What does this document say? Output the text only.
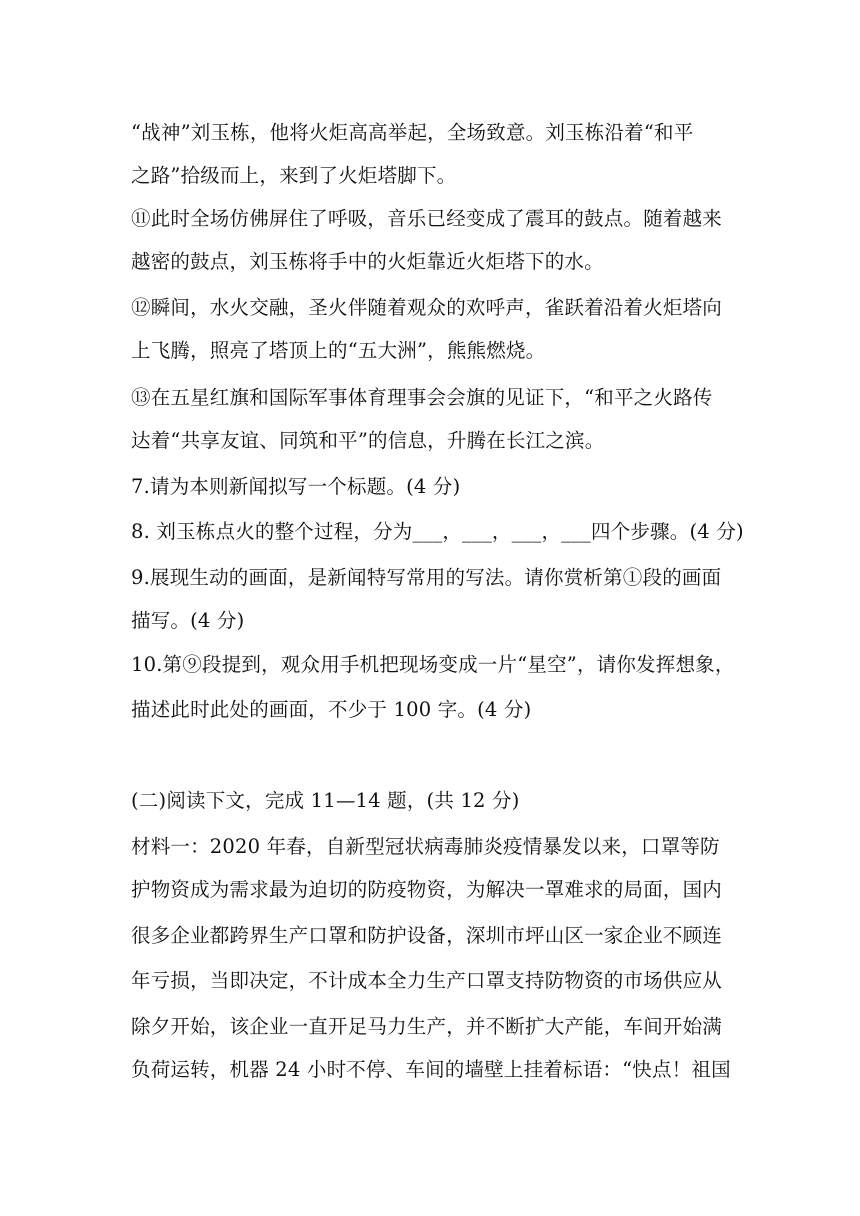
“战神”刘玉栋，他将火炬高高举起，全场致意。刘玉栋沿着“和平
之路”拾级而上，来到了火炬塔脚下。
⑪此时全场仿佛屏住了呼吸，音乐已经变成了震耳的鼓点。随着越来
越密的鼓点，刘玉栋将手中的火炬靠近火炬塔下的水。
⑫瞬间，水火交融，圣火伴随着观众的欢呼声，雀跃着沿着火炬塔向
上飞腾，照亮了塔顶上的“五大洲”，熊熊燃烧。
⑬在五星红旗和国际军事体育理事会会旗的见证下，“和平之火路传
达着“共享友谊、同筑和平”的信息，升腾在长江之滨。
7.请为本则新闻拟写一个标题。(4 分)
8. 刘玉栋点火的整个过程，分为___，___，___，___四个步骤。(4 分)
9.展现生动的画面，是新闻特写常用的写法。请你赏析第①段的画面
描写。(4 分)
10.第⑨段提到，观众用手机把现场变成一片“星空”，请你发挥想象，
描述此时此处的画面，不少于 100 字。(4 分)
(二)阅读下文，完成 11—14 题，(共 12 分)
材料一：2020 年春，自新型冠状病毒肺炎疫情暴发以来，口罩等防
护物资成为需求最为迫切的防疫物资，为解决一罩难求的局面，国内
很多企业都跨界生产口罩和防护设备，深圳市坪山区一家企业不顾连
年亏损，当即决定，不计成本全力生产口罩支持防物资的市场供应从
除夕开始，该企业一直开足马力生产，并不断扩大产能，车间开始满
负荷运转，机器 24 小时不停、车间的墙壁上挂着标语：“快点！祖国
